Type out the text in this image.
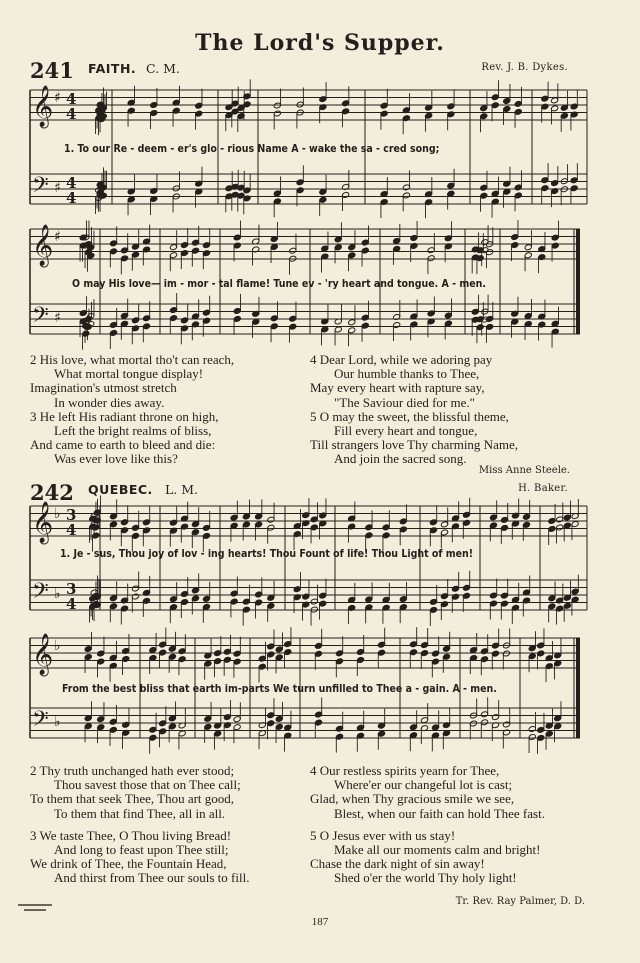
The Lord's Supper.
241 FAITH. C. M.	Rev. J. B. Dykes.
𝄞 ♯ 4
4
𝄢 ♯ 4
4
1. To our Re - deem - er's glo - rious Name A - wake the sa - cred song;
𝄞 ♯
𝄢 ♯
O may His love— im - mor - tal flame! Tune ev - 'ry heart and tongue. A - men.
2 His love, what mortal tho't can reach,
What mortal tongue display!
Imagination's utmost stretch
In wonder dies away.
3 He left His radiant throne on high,
Left the bright realms of bliss,
And came to earth to bleed and die:
Was ever love like this?
4 Dear Lord, while we adoring pay
Our humble thanks to Thee,
May every heart with rapture say,
"The Saviour died for me."
5 O may the sweet, the blissful theme,
Fill every heart and tongue,
Till strangers love Thy charming Name,
And join the sacred song.
Miss Anne Steele.
242 QUEBEC. L. M.	H. Baker.
𝄞 ♭ 3
4
𝄢 ♭ 3
4
1. Je - sus, Thou joy of lov - ing hearts! Thou Fount of life! Thou Light of men!
𝄞 ♭
𝄢 ♭
From the best bliss that earth im-parts We turn unfilled to Thee a - gain. A - men.
2 Thy truth unchanged hath ever stood;
Thou savest those that on Thee call;
To them that seek Thee, Thou art good,
To them that find Thee, all in all.
3 We taste Thee, O Thou living Bread!
And long to feast upon Thee still;
We drink of Thee, the Fountain Head,
And thirst from Thee our souls to fill.
4 Our restless spirits yearn for Thee,
Where'er our changeful lot is cast;
Glad, when Thy gracious smile we see,
Blest, when our faith can hold Thee fast.
5 O Jesus ever with us stay!
Make all our moments calm and bright!
Chase the dark night of sin away!
Shed o'er the world Thy holy light!
Tr. Rev. Ray Palmer, D. D.
187
